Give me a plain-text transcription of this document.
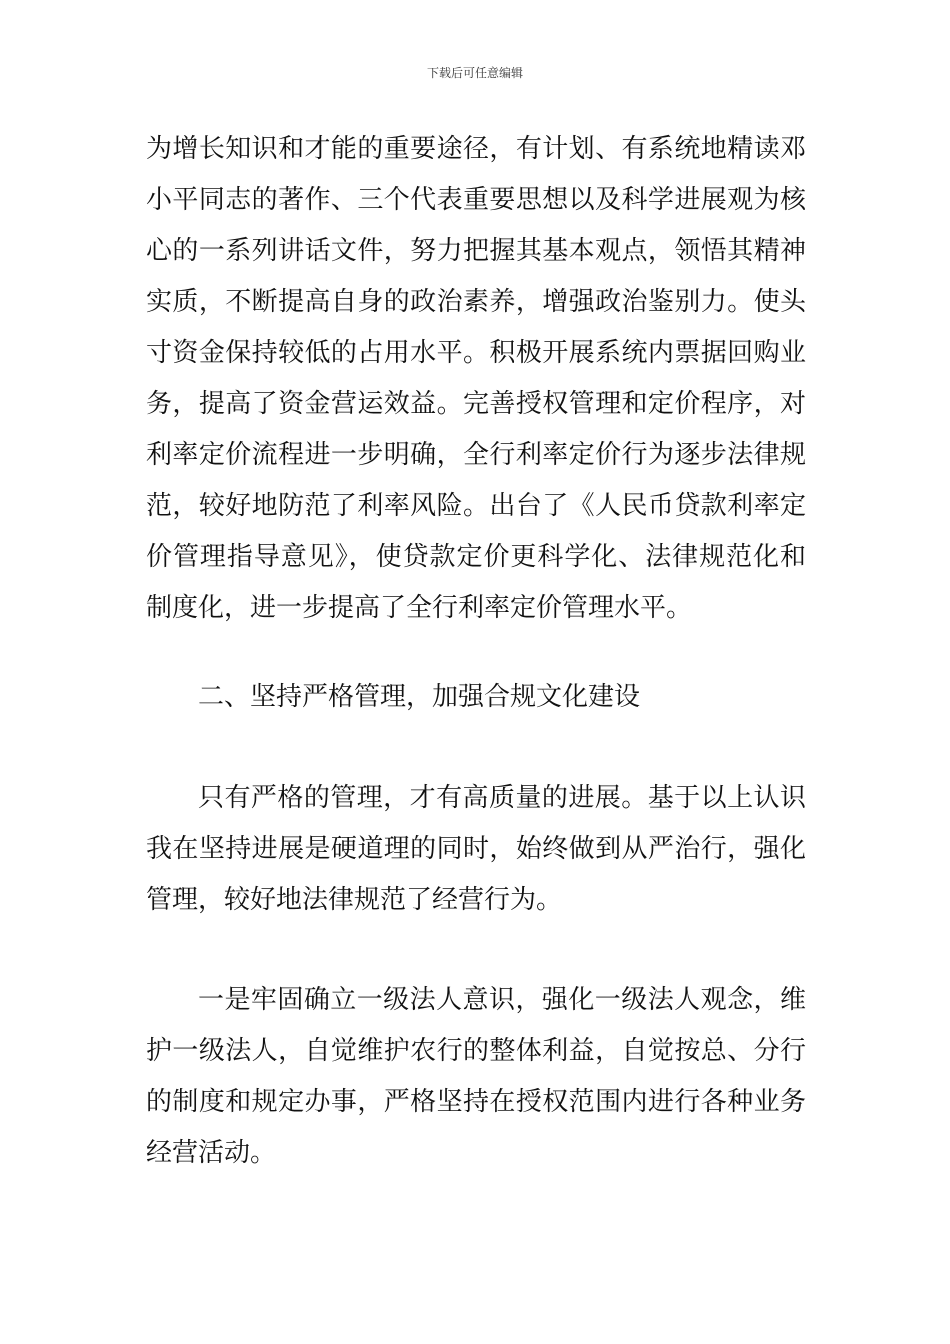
下载后可任意编辑

为增长知识和才能的重要途径，有计划、有系统地精读邓小平同志的著作、三个代表重要思想以及科学进展观为核心的一系列讲话文件，努力把握其基本观点，领悟其精神实质，不断提高自身的政治素养，增强政治鉴别力。使头寸资金保持较低的占用水平。积极开展系统内票据回购业务，提高了资金营运效益。完善授权管理和定价程序，对利率定价流程进一步明确，全行利率定价行为逐步法律规范，较好地防范了利率风险。出台了《人民币贷款利率定价管理指导意见》，使贷款定价更科学化、法律规范化和制度化，进一步提高了全行利率定价管理水平。

二、坚持严格管理，加强合规文化建设

只有严格的管理，才有高质量的进展。基于以上认识我在坚持进展是硬道理的同时，始终做到从严治行，强化管理，较好地法律规范了经营行为。

一是牢固确立一级法人意识，强化一级法人观念，维护一级法人，自觉维护农行的整体利益，自觉按总、分行的制度和规定办事，严格坚持在授权范围内进行各种业务经营活动。
